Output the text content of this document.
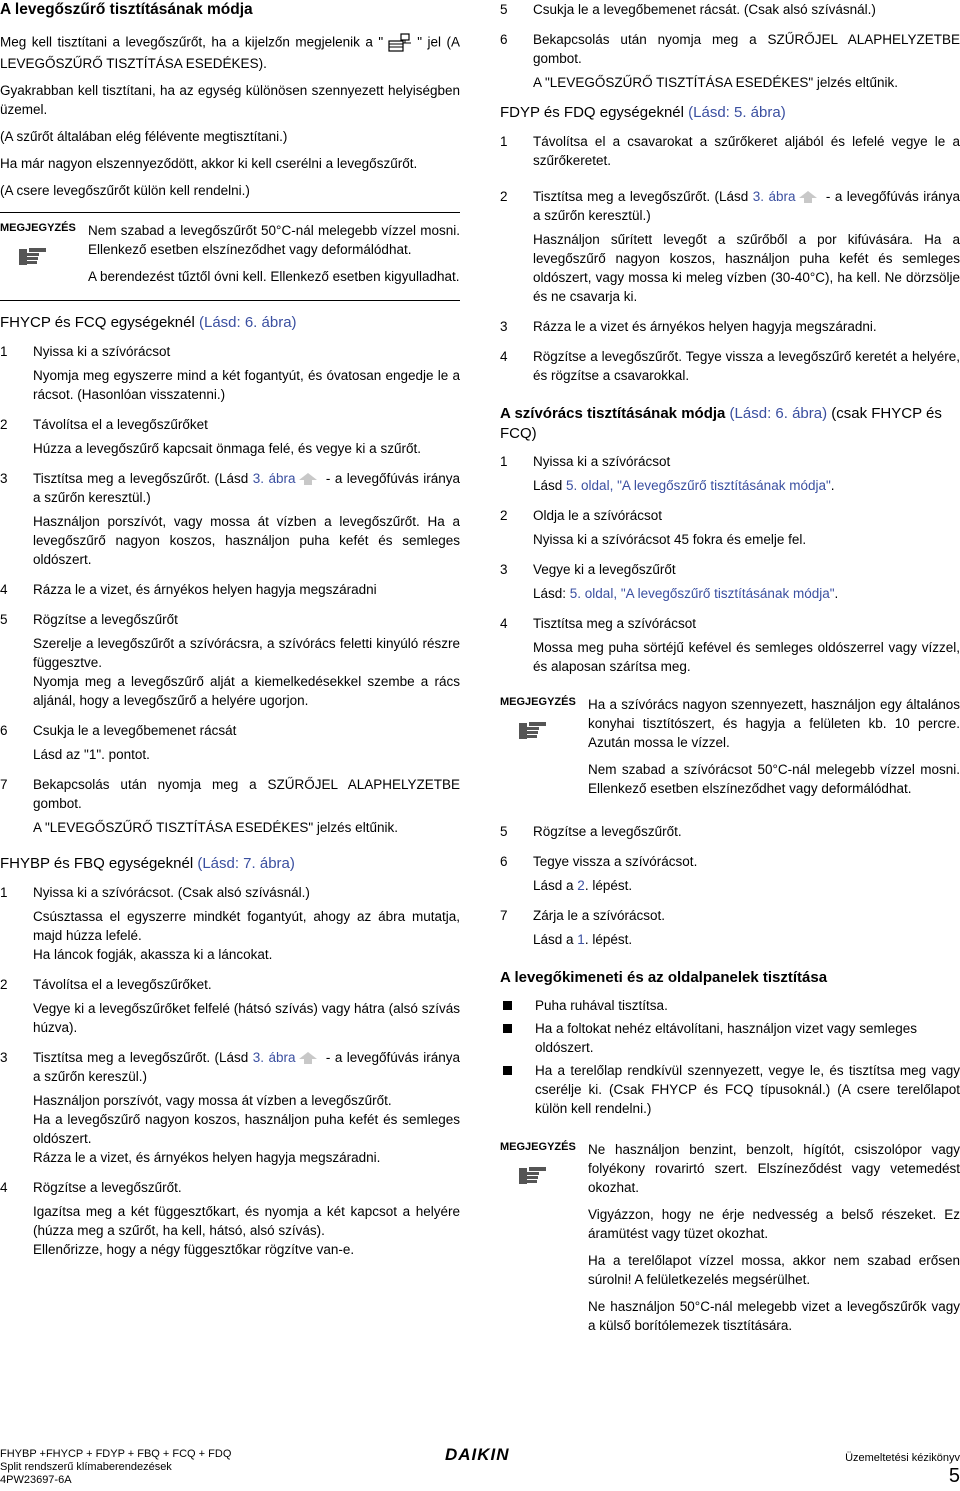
A levegőszűrő tisztításának módja

Meg kell tisztítani a levegőszűrőt, ha a kijelzőn megjelenik a "	" jel (A LEVEGŐSZŰRŐ TISZTÍTÁSA ESEDÉKES).

Gyakrabban kell tisztítani, ha az egység különösen szennyezett helyiségben üzemel.

(A szűrőt általában elég félévente megtisztítani.)

Ha már nagyon elszennyeződött, akkor ki kell cserélni a levegőszűrőt.

(A csere levegőszűrőt külön kell rendelni.)

MEGJEGYZÉS Nem szabad a levegőszűrőt 50°C-nál melegebb vízzel mosni. Ellenkező esetben elszíneződhet vagy deformálódhat.

A berendezést tűztől óvni kell. Ellenkező esetben kigyulladhat.

FHYCP és FCQ egységeknél (Lásd: 6. ábra)

1	Nyissa ki a szívórácsot

Nyomja meg egyszerre mind a két fogantyút, és óvatosan engedje le a rácsot. (Hasonlóan visszatenni.)

2	Távolítsa el a levegőszűrőket

Húzza a levegőszűrő kapcsait önmaga felé, és vegye ki a szűrőt.

3	Tisztítsa meg a levegőszűrőt. (Lásd 3. ábra - a levegőfúvás iránya a szűrőn keresztül.)

Használjon porszívót, vagy mossa át vízben a levegőszűrőt. Ha a levegőszűrő nagyon koszos, használjon puha kefét és semleges oldószert.

4	Rázza le a vizet, és árnyékos helyen hagyja megszáradni

5	Rögzítse a levegőszűrőt

Szerelje a levegőszűrőt a szívórácsra, a szívórács feletti kinyúló részre függesztve.

Nyomja meg a levegőszűrő alját a kiemelkedésekkel szembe a rács aljánál, hogy a levegőszűrő a helyére ugorjon.

6	Csukja le a levegőbemenet rácsát

Lásd az "1". pontot.

7	Bekapcsolás után nyomja meg a SZŰRŐJEL ALAPHELYZETBE gombot.

A "LEVEGŐSZŰRŐ TISZTÍTÁSA ESEDÉKES" jelzés eltűnik.

FHYBP és FBQ egységeknél (Lásd: 7. ábra)

1	Nyissa ki a szívórácsot. (Csak alsó szívásnál.)

Csúsztassa el egyszerre mindkét fogantyút, ahogy az ábra mutatja, majd húzza lefelé.

Ha láncok fogják, akassza ki a láncokat.

2	Távolítsa el a levegőszűrőket.

Vegye ki a levegőszűrőket felfelé (hátsó szívás) vagy hátra (alsó szívás húzva).

3	Tisztítsa meg a levegőszűrőt. (Lásd 3. ábra - a levegőfúvás iránya a szűrőn kereszül.)

Használjon porszívót, vagy mossa át vízben a levegőszűrőt.

Ha a levegőszűrő nagyon koszos, használjon puha kefét és semleges oldószert.

Rázza le a vizet, és árnyékos helyen hagyja megszáradni.

4	Rögzítse a levegőszűrőt.

Igazítsa meg a két függesztőkart, és nyomja a két kapcsot a helyére (húzza meg a szűrőt, ha kell, hátsó, alsó szívás).

Ellenőrizze, hogy a négy függesztőkar rögzítve van-e.

5	Csukja le a levegőbemenet rácsát. (Csak alsó szívásnál.)

6	Bekapcsolás után nyomja meg a SZŰRŐJEL ALAPHELYZETBE gombot.

A "LEVEGŐSZŰRŐ TISZTÍTÁSA ESEDÉKES" jelzés eltűnik.

FDYP és FDQ egységeknél (Lásd: 5. ábra)

1	Távolítsa el a csavarokat a szűrőkeret aljából és lefelé vegye le a szűrőkeretet.

2	Tisztítsa meg a levegőszűrőt. (Lásd 3. ábra - a levegőfúvás iránya a szűrőn keresztül.)

Használjon sűrített levegőt a szűrőből a por kifúvására. Ha a levegőszűrő nagyon koszos, használjon puha kefét és semleges oldószert, vagy mossa ki meleg vízben (30-40°C), ha kell. Ne dörzsölje és ne csavarja ki.

3	Rázza le a vizet és árnyékos helyen hagyja megszáradni.

4	Rögzítse a levegőszűrőt. Tegye vissza a levegőszűrő keretét a helyére, és rögzítse a csavarokkal.

A szívórács tisztításának módja (Lásd: 6. ábra) (csak FHYCP és FCQ)

1	Nyissa ki a szívórácsot

Lásd 5. oldal, "A levegőszűrő tisztításának módja".

2	Oldja le a szívórácsot

Nyissa ki a szívórácsot 45 fokra és emelje fel.

3	Vegye ki a levegőszűrőt

Lásd: 5. oldal, "A levegőszűrő tisztításának módja".

4	Tisztítsa meg a szívórácsot

Mossa meg puha sörtéjű kefével és semleges oldószerrel vagy vízzel, és alaposan szárítsa meg.

MEGJEGYZÉS Ha a szívórács nagyon szennyezett, használjon egy általános konyhai tisztítószert, és hagyja a felületen kb. 10 percre. Azután mossa le vízzel.

Nem szabad a szívórácsot 50°C-nál melegebb vízzel mosni. Ellenkező esetben elszíneződhet vagy deformálódhat.

5	Rögzítse a levegőszűrőt.

6	Tegye vissza a szívórácsot.

Lásd a 2. lépést.

7	Zárja le a szívórácsot.

Lásd a 1. lépést.

A levegőkimeneti és az oldalpanelek tisztítása

Puha ruhával tisztítsa.
Ha a foltokat nehéz eltávolítani, használjon vizet vagy semleges oldószert.
Ha a terelőlap rendkívül szennyezett, vegye le, és tisztítsa meg vagy cserélje ki. (Csak FHYCP és FCQ típusoknál.) (A csere terelőlapot külön kell rendelni.)
MEGJEGYZÉS Ne használjon benzint, benzolt, hígítót, csiszolópor vagy folyékony rovarirtó szert. Elszíneződést vagy vetemedést okozhat.

Vigyázzon, hogy ne érje nedvesség a belső részeket. Ez áramütést vagy tüzet okozhat.

Ha a terelőlapot vízzel mossa, akkor nem szabad erősen súrolni! A felületkezelés megsérülhet.

Ne használjon 50°C-nál melegebb vizet a levegőszűrők vagy a külső borítólemezek tisztítására.

FHYBP +FHYCP + FDYP + FBQ + FCQ + FDQ
Split rendszerű klímaberendezések
4PW23697-6A
DAIKIN	Üzemeltetési kézikönyv
5
